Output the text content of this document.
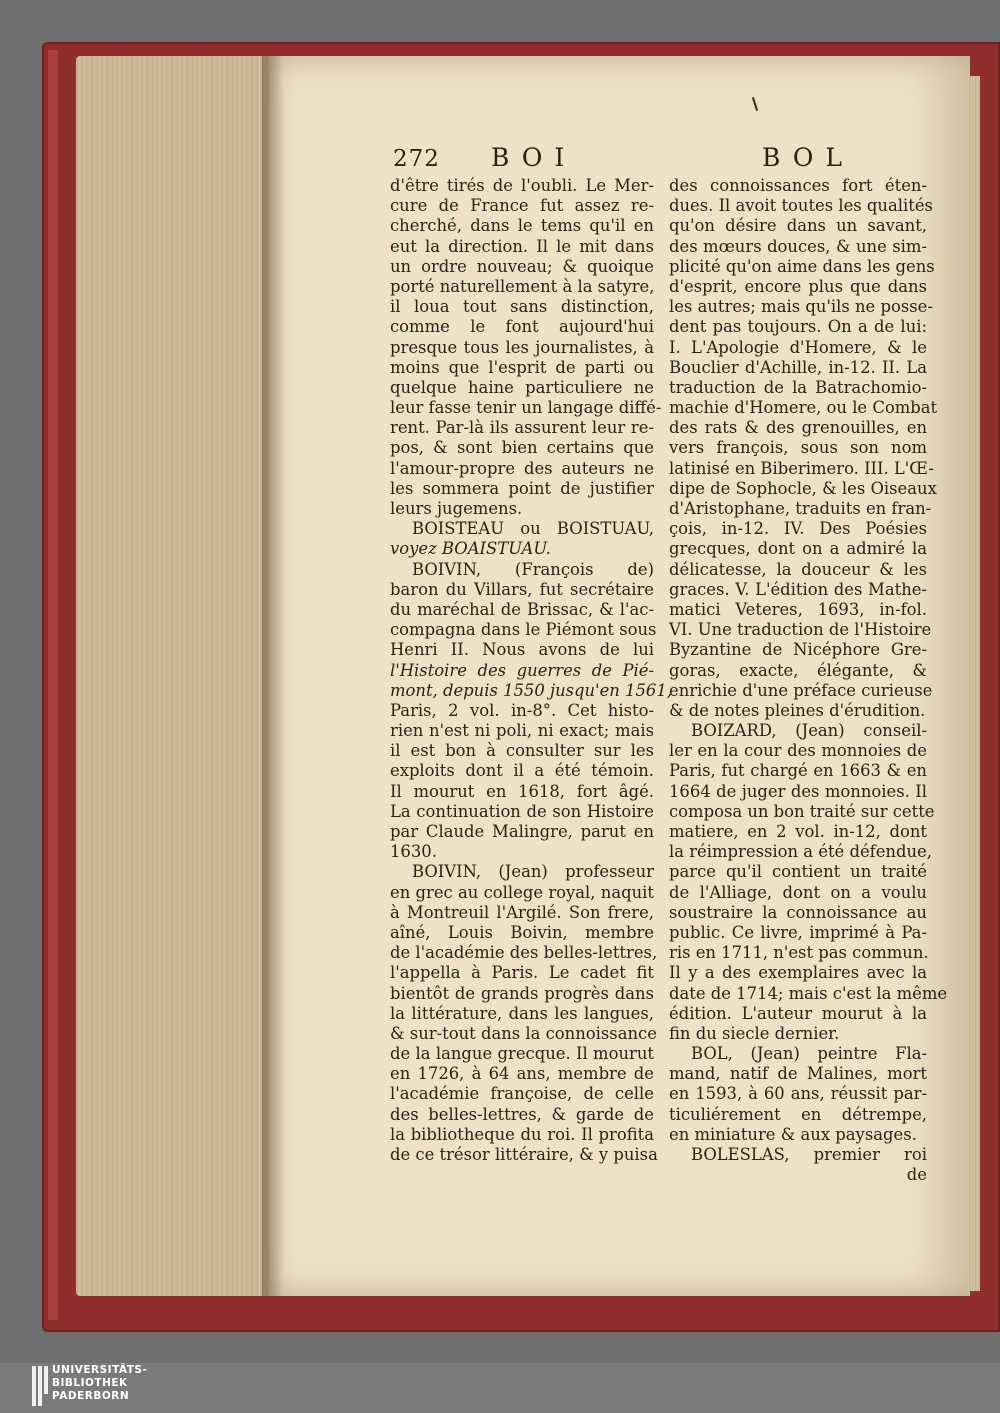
272 BOI	BOL
d'être tirés de l'oubli. Le Mer-
cure de France fut assez re-
cherché, dans le tems qu'il en
eut la direction. Il le mit dans
un ordre nouveau; & quoique
porté naturellement à la satyre,
il loua tout sans distinction,
comme le font aujourd'hui
presque tous les journalistes, à
moins que l'esprit de parti ou
quelque haine particuliere ne
leur fasse tenir un langage diffé-
rent. Par-là ils assurent leur re-
pos, & sont bien certains que
l'amour-propre des auteurs ne
les sommera point de justifier
leurs jugemens.
BOISTEAU ou BOISTUAU,
voyez BOAISTUAU.
BOIVIN, (François de)
baron du Villars, fut secrétaire
du maréchal de Brissac, & l'ac-
compagna dans le Piémont sous
Henri II. Nous avons de lui
l'Histoire des guerres de Pié-
mont, depuis 1550 jusqu'en 1561,
Paris, 2 vol. in-8°. Cet histo-
rien n'est ni poli, ni exact; mais
il est bon à consulter sur les
exploits dont il a été témoin.
Il mourut en 1618, fort âgé.
La continuation de son Histoire
par Claude Malingre, parut en
1630.
BOIVIN, (Jean) professeur
en grec au college royal, naquit
à Montreuil l'Argilé. Son frere,
aîné, Louis Boivin, membre
de l'académie des belles-lettres,
l'appella à Paris. Le cadet fit
bientôt de grands progrès dans
la littérature, dans les langues,
& sur-tout dans la connoissance
de la langue grecque. Il mourut
en 1726, à 64 ans, membre de
l'académie françoise, de celle
des belles-lettres, & garde de
la bibliotheque du roi. Il profita
de ce trésor littéraire, & y puisa
des connoissances fort éten-
dues. Il avoit toutes les qualités
qu'on désire dans un savant,
des mœurs douces, & une sim-
plicité qu'on aime dans les gens
d'esprit, encore plus que dans
les autres; mais qu'ils ne posse-
dent pas toujours. On a de lui:
I. L'Apologie d'Homere, & le
Bouclier d'Achille, in-12. II. La
traduction de la Batrachomio-
machie d'Homere, ou le Combat
des rats & des grenouilles, en
vers françois, sous son nom
latinisé en Biberimero. III. L'Œ-
dipe de Sophocle, & les Oiseaux
d'Aristophane, traduits en fran-
çois, in-12. IV. Des Poésies
grecques, dont on a admiré la
délicatesse, la douceur & les
graces. V. L'édition des Mathe-
matici Veteres, 1693, in-fol.
VI. Une traduction de l'Histoire
Byzantine de Nicéphore Gre-
goras, exacte, élégante, &
enrichie d'une préface curieuse
& de notes pleines d'érudition.
BOIZARD, (Jean) conseil-
ler en la cour des monnoies de
Paris, fut chargé en 1663 & en
1664 de juger des monnoies. Il
composa un bon traité sur cette
matiere, en 2 vol. in-12, dont
la réimpression a été défendue,
parce qu'il contient un traité
de l'Alliage, dont on a voulu
soustraire la connoissance au
public. Ce livre, imprimé à Pa-
ris en 1711, n'est pas commun.
Il y a des exemplaires avec la
date de 1714; mais c'est la même
édition. L'auteur mourut à la
fin du siecle dernier.
BOL, (Jean) peintre Fla-
mand, natif de Malines, mort
en 1593, à 60 ans, réussit par-
ticuliérement en détrempe,
en miniature & aux paysages.
BOLESLAS, premier roi
de
UNIVERSITÄTS-
BIBLIOTHEK
PADERBORN
